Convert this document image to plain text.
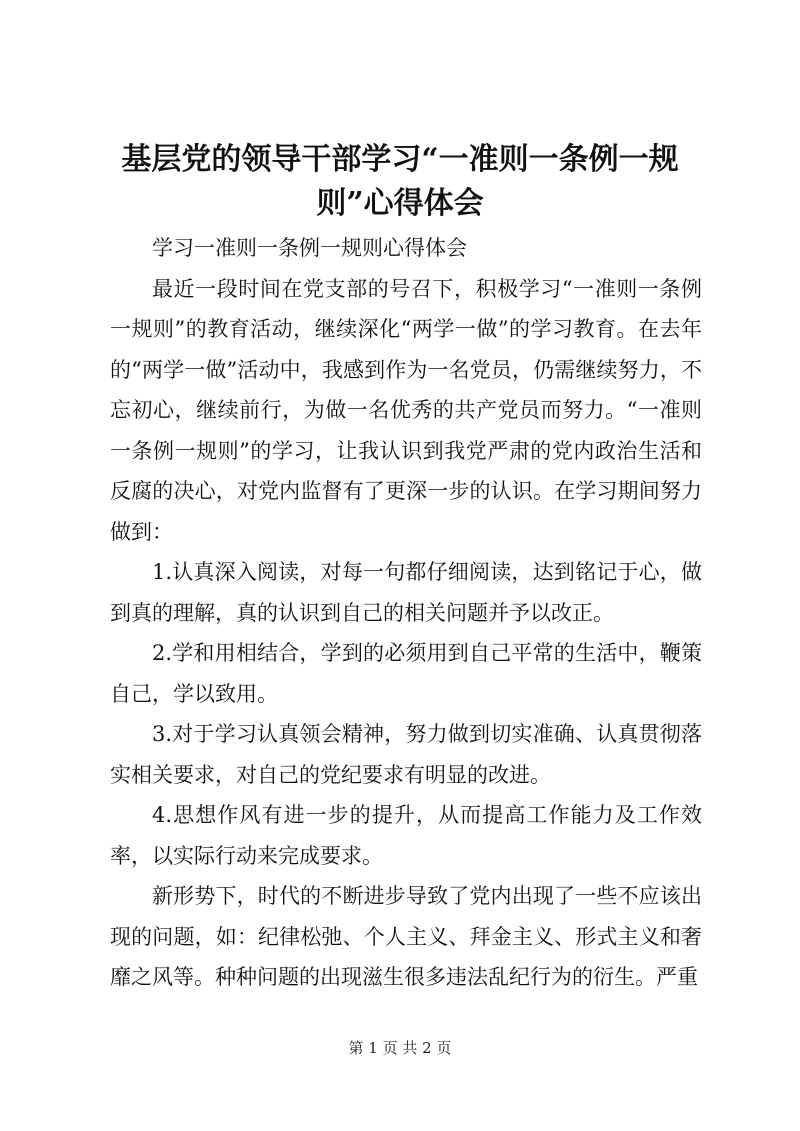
基层党的领导干部学习“一准则一条例一规则”心得体会

学习一准则一条例一规则心得体会

最近一段时间在党支部的号召下，积极学习“一准则一条例一规则”的教育活动，继续深化“两学一做”的学习教育。在去年的“两学一做”活动中，我感到作为一名党员，仍需继续努力，不忘初心，继续前行，为做一名优秀的共产党员而努力。“一准则一条例一规则”的学习，让我认识到我党严肃的党内政治生活和反腐的决心，对党内监督有了更深一步的认识。在学习期间努力做到：

1.认真深入阅读，对每一句都仔细阅读，达到铭记于心，做到真的理解，真的认识到自己的相关问题并予以改正。

2.学和用相结合，学到的必须用到自己平常的生活中，鞭策自己，学以致用。

3.对于学习认真领会精神，努力做到切实准确、认真贯彻落实相关要求，对自己的党纪要求有明显的改进。

4.思想作风有进一步的提升，从而提高工作能力及工作效率，以实际行动来完成要求。

新形势下，时代的不断进步导致了党内出现了一些不应该出现的问题，如：纪律松弛、个人主义、拜金主义、形式主义和奢靡之风等。种种问题的出现滋生很多违法乱纪行为的衍生。严重

第 1 页 共 2 页
